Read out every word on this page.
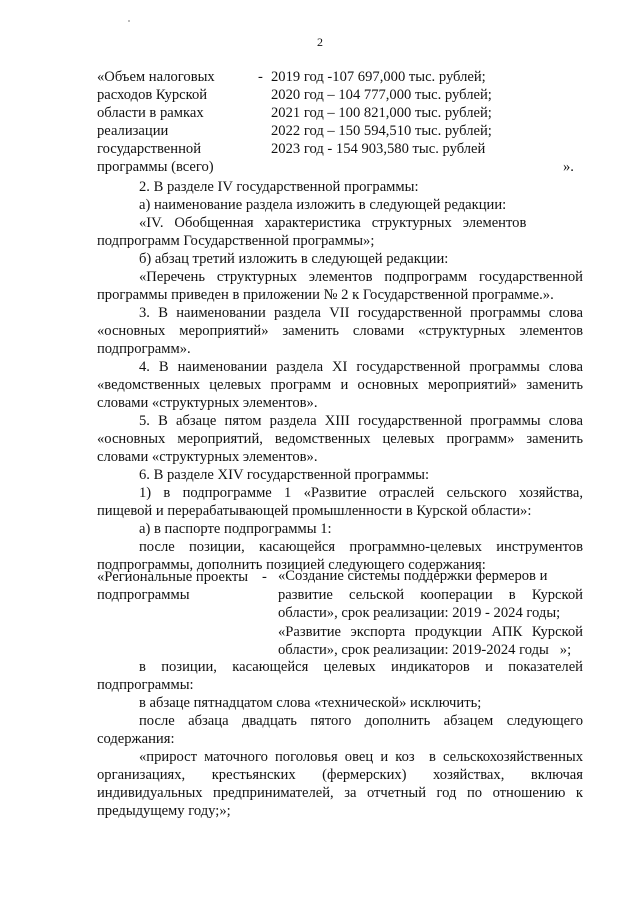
2
«Объем налоговых
расходов Курской
области в рамках
реализации
государственной
программы (всего)
- 2019 год -107 697,000 тыс. рублей;
2020 год – 104 777,000 тыс. рублей;
2021 год – 100 821,000 тыс. рублей;
2022 год – 150 594,510 тыс. рублей;
2023 год - 154 903,580 тыс. рублей
».
2. В разделе IV государственной программы:
а) наименование раздела изложить в следующей редакции:
«IV.   Обобщенная   характеристика   структурных   элементов
подпрограмм Государственной программы»;
б) абзац третий изложить в следующей редакции:
«Перечень структурных элементов подпрограмм государственной
программы приведен в приложении № 2 к Государственной программе.».
3. В наименовании раздела VII государственной программы слова
«основных мероприятий» заменить словами «структурных элементов
подпрограмм».
4. В наименовании раздела XI государственной программы слова
«ведомственных целевых программ и основных мероприятий» заменить
словами «структурных элементов».
5. В абзаце пятом раздела XIII государственной программы слова
«основных мероприятий, ведомственных целевых программ» заменить
словами «структурных элементов».
6. В разделе XIV государственной программы:
1) в подпрограмме 1 «Развитие отраслей сельского хозяйства,
пищевой и перерабатывающей промышленности в Курской области»:
а) в паспорте подпрограммы 1:
после позиции, касающейся программно-целевых инструментов
подпрограммы, дополнить позицией следующего содержания:
«Региональные проекты
подпрограммы
- «Создание системы поддержки фермеров и
развитие сельской кооперации в Курской
области», срок реализации: 2019 - 2024 годы;
«Развитие экспорта продукции АПК Курской
области», срок реализации: 2019-2024 годы   »;
в позиции, касающейся целевых индикаторов и показателей
подпрограммы:
в абзаце пятнадцатом слова «технической» исключить;
после абзаца двадцать пятого дополнить абзацем следующего
содержания:
«прирост маточного поголовья овец и коз  в сельскохозяйственных
организациях, крестьянских (фермерских) хозяйствах, включая
индивидуальных предпринимателей, за отчетный год по отношению к
предыдущему году;»;
